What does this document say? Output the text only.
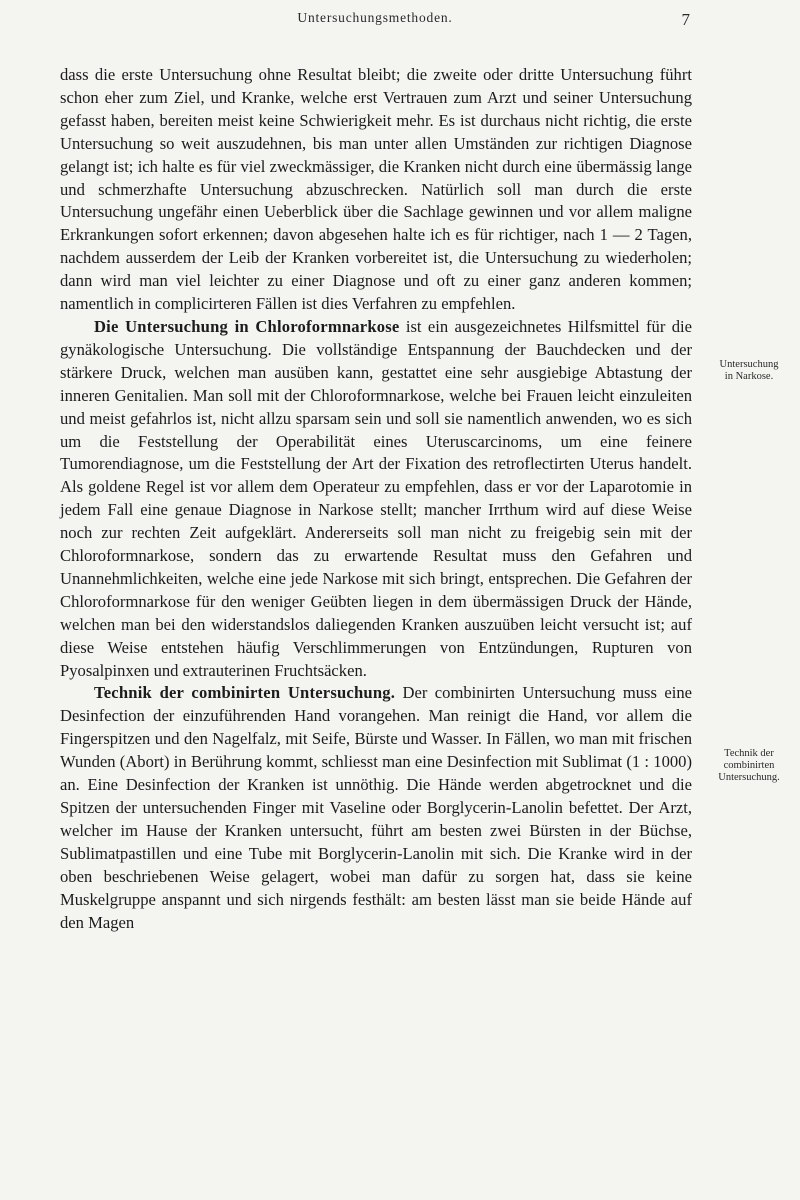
Untersuchungsmethoden.	7

dass die erste Untersuchung ohne Resultat bleibt; die zweite oder dritte Untersuchung führt schon eher zum Ziel, und Kranke, welche erst Vertrauen zum Arzt und seiner Untersuchung gefasst haben, bereiten meist keine Schwierigkeit mehr. Es ist durchaus nicht richtig, die erste Untersuchung so weit auszudehnen, bis man unter allen Umständen zur richtigen Diagnose gelangt ist; ich halte es für viel zweckmässiger, die Kranken nicht durch eine übermässig lange und schmerzhafte Untersuchung abzuschrecken. Natürlich soll man durch die erste Untersuchung ungefähr einen Ueberblick über die Sachlage gewinnen und vor allem maligne Erkrankungen sofort erkennen; davon abgesehen halte ich es für richtiger, nach 1 — 2 Tagen, nachdem ausserdem der Leib der Kranken vorbereitet ist, die Untersuchung zu wiederholen; dann wird man viel leichter zu einer Diagnose und oft zu einer ganz anderen kommen; namentlich in complicirteren Fällen ist dies Verfahren zu empfehlen.

Die Untersuchung in Chloroformnarkose ist ein ausgezeichnetes Hilfsmittel für die gynäkologische Untersuchung. Die vollständige Entspannung der Bauchdecken und der stärkere Druck, welchen man ausüben kann, gestattet eine sehr ausgiebige Abtastung der inneren Genitalien. Man soll mit der Chloroformnarkose, welche bei Frauen leicht einzuleiten und meist gefahrlos ist, nicht allzu sparsam sein und soll sie namentlich anwenden, wo es sich um die Feststellung der Operabilität eines Uteruscarcinoms, um eine feinere Tumorendiagnose, um die Feststellung der Art der Fixation des retroflectirten Uterus handelt. Als goldene Regel ist vor allem dem Operateur zu empfehlen, dass er vor der Laparotomie in jedem Fall eine genaue Diagnose in Narkose stellt; mancher Irrthum wird auf diese Weise noch zur rechten Zeit aufgeklärt. Andererseits soll man nicht zu freigebig sein mit der Chloroformnarkose, sondern das zu erwartende Resultat muss den Gefahren und Unannehmlichkeiten, welche eine jede Narkose mit sich bringt, entsprechen. Die Gefahren der Chloroformnarkose für den weniger Geübten liegen in dem übermässigen Druck der Hände, welchen man bei den widerstandslos daliegenden Kranken auszuüben leicht versucht ist; auf diese Weise entstehen häufig Verschlimmerungen von Entzündungen, Rupturen von Pyosalpinxen und extrauterinen Fruchtsäcken.

Technik der combinirten Untersuchung. Der combinirten Untersuchung muss eine Desinfection der einzuführenden Hand vorangehen. Man reinigt die Hand, vor allem die Fingerspitzen und den Nagelfalz, mit Seife, Bürste und Wasser. In Fällen, wo man mit frischen Wunden (Abort) in Berührung kommt, schliesst man eine Desinfection mit Sublimat (1 : 1000) an. Eine Desinfection der Kranken ist unnöthig. Die Hände werden abgetrocknet und die Spitzen der untersuchenden Finger mit Vaseline oder Borglycerin-Lanolin befettet. Der Arzt, welcher im Hause der Kranken untersucht, führt am besten zwei Bürsten in der Büchse, Sublimatpastillen und eine Tube mit Borglycerin-Lanolin mit sich. Die Kranke wird in der oben beschriebenen Weise gelagert, wobei man dafür zu sorgen hat, dass sie keine Muskelgruppe anspannt und sich nirgends festhält: am besten lässt man sie beide Hände auf den Magen

Untersuchung
in Narkose.
Technik der
combinirten
Untersuchung.
